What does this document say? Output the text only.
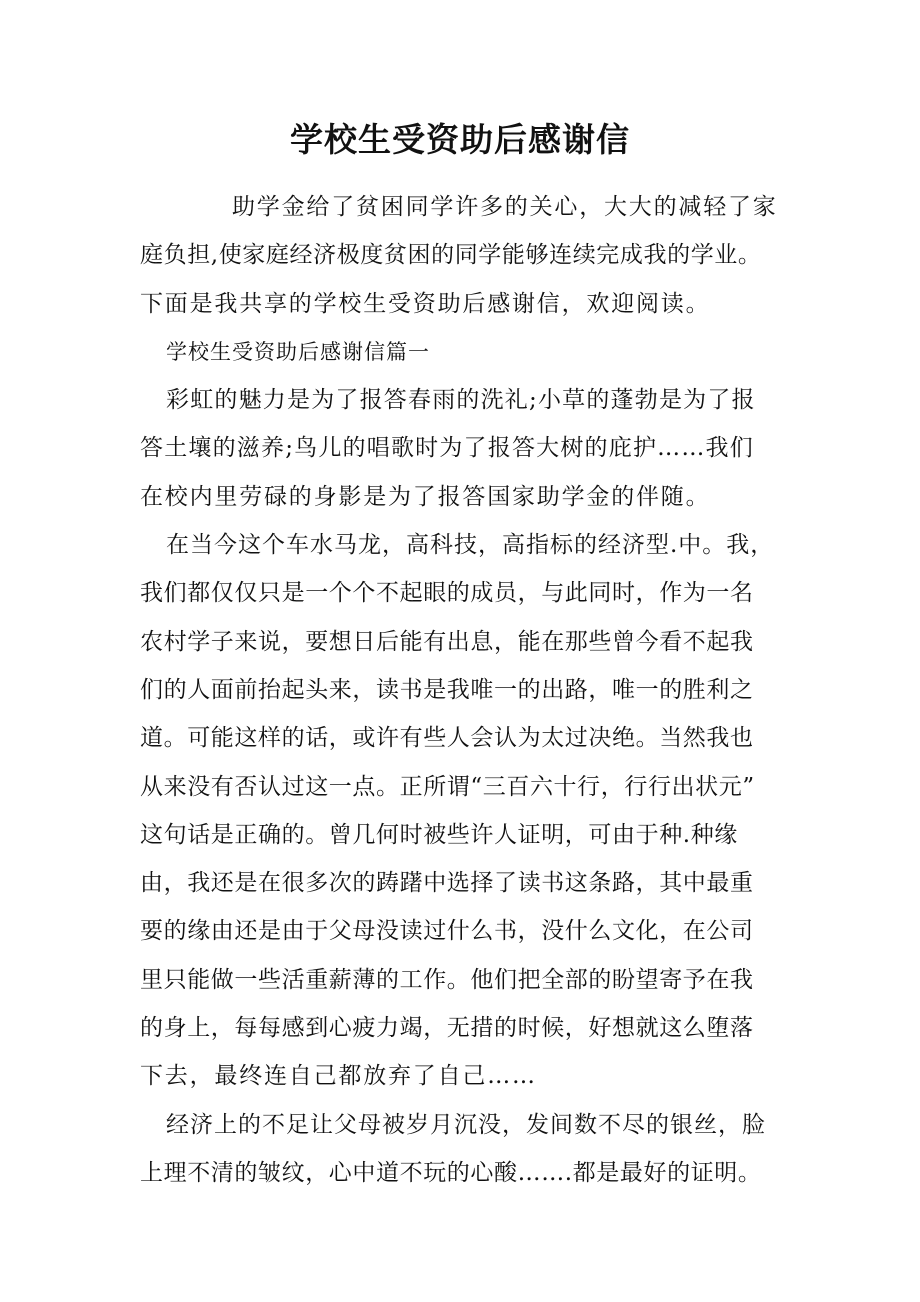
学校生受资助后感谢信
助学金给了贫困同学许多的关心，大大的减轻了家
庭负担,使家庭经济极度贫困的同学能够连续完成我的学业。
下面是我共享的学校生受资助后感谢信，欢迎阅读。
学校生受资助后感谢信篇一
彩虹的魅力是为了报答春雨的洗礼;小草的蓬勃是为了报
答土壤的滋养;鸟儿的唱歌时为了报答大树的庇护……我们
在校内里劳碌的身影是为了报答国家助学金的伴随。
在当今这个车水马龙，高科技，高指标的经济型.中。我，
我们都仅仅只是一个个不起眼的成员，与此同时，作为一名
农村学子来说，要想日后能有出息，能在那些曾今看不起我
们的人面前抬起头来，读书是我唯一的出路，唯一的胜利之
道。可能这样的话，或许有些人会认为太过决绝。当然我也
从来没有否认过这一点。正所谓“三百六十行，行行出状元”
这句话是正确的。曾几何时被些许人证明，可由于种.种缘
由，我还是在很多次的踌躇中选择了读书这条路，其中最重
要的缘由还是由于父母没读过什么书，没什么文化，在公司
里只能做一些活重薪薄的工作。他们把全部的盼望寄予在我
的身上，每每感到心疲力竭，无措的时候，好想就这么堕落
下去，最终连自己都放弃了自己……
经济上的不足让父母被岁月沉没，发间数不尽的银丝，脸
上理不清的皱纹，心中道不玩的心酸…….都是最好的证明。
